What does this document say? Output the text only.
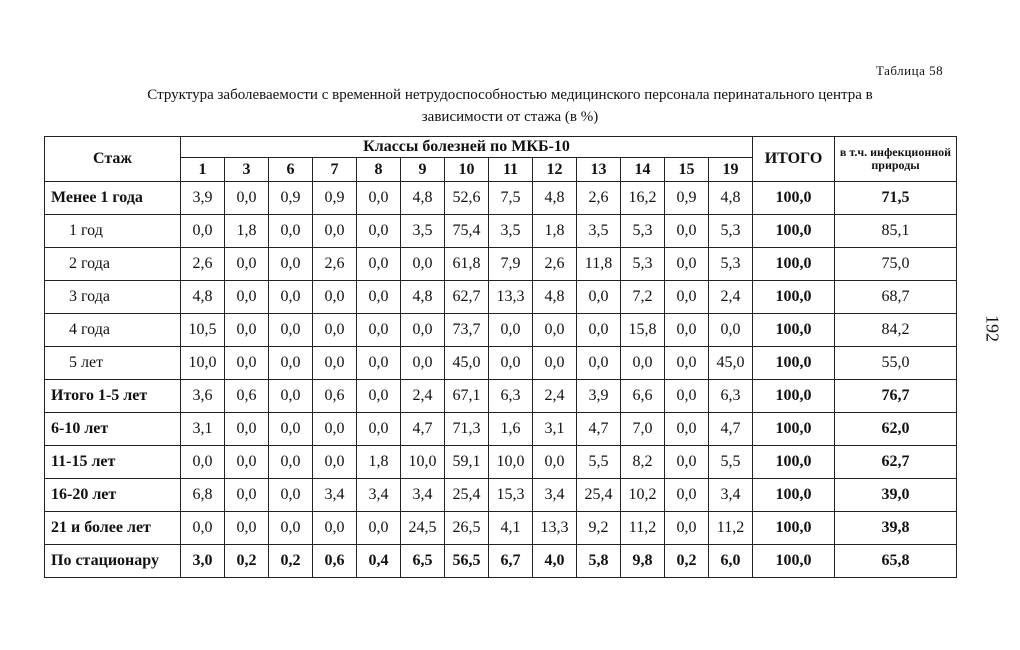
Таблица 58
Структура заболеваемости с временной нетрудоспособностью медицинского персонала перинатального центра в
зависимости от стажа (в %)
192
Стаж	Классы болезней по МКБ-10													ИТОГО	в т.ч. инфекционной природы
	1	3	6	7	8	9	10	11	12	13	14	15	19		
Менее 1 года	3,9	0,0	0,9	0,9	0,0	4,8	52,6	7,5	4,8	2,6	16,2	0,9	4,8	100,0	71,5
1 год	0,0	1,8	0,0	0,0	0,0	3,5	75,4	3,5	1,8	3,5	5,3	0,0	5,3	100,0	85,1
2 года	2,6	0,0	0,0	2,6	0,0	0,0	61,8	7,9	2,6	11,8	5,3	0,0	5,3	100,0	75,0
3 года	4,8	0,0	0,0	0,0	0,0	4,8	62,7	13,3	4,8	0,0	7,2	0,0	2,4	100,0	68,7
4 года	10,5	0,0	0,0	0,0	0,0	0,0	73,7	0,0	0,0	0,0	15,8	0,0	0,0	100,0	84,2
5 лет	10,0	0,0	0,0	0,0	0,0	0,0	45,0	0,0	0,0	0,0	0,0	0,0	45,0	100,0	55,0
Итого 1-5 лет	3,6	0,6	0,0	0,6	0,0	2,4	67,1	6,3	2,4	3,9	6,6	0,0	6,3	100,0	76,7
6-10 лет	3,1	0,0	0,0	0,0	0,0	4,7	71,3	1,6	3,1	4,7	7,0	0,0	4,7	100,0	62,0
11-15 лет	0,0	0,0	0,0	0,0	1,8	10,0	59,1	10,0	0,0	5,5	8,2	0,0	5,5	100,0	62,7
16-20 лет	6,8	0,0	0,0	3,4	3,4	3,4	25,4	15,3	3,4	25,4	10,2	0,0	3,4	100,0	39,0
21 и более лет	0,0	0,0	0,0	0,0	0,0	24,5	26,5	4,1	13,3	9,2	11,2	0,0	11,2	100,0	39,8
По стационару	3,0	0,2	0,2	0,6	0,4	6,5	56,5	6,7	4,0	5,8	9,8	0,2	6,0	100,0	65,8
